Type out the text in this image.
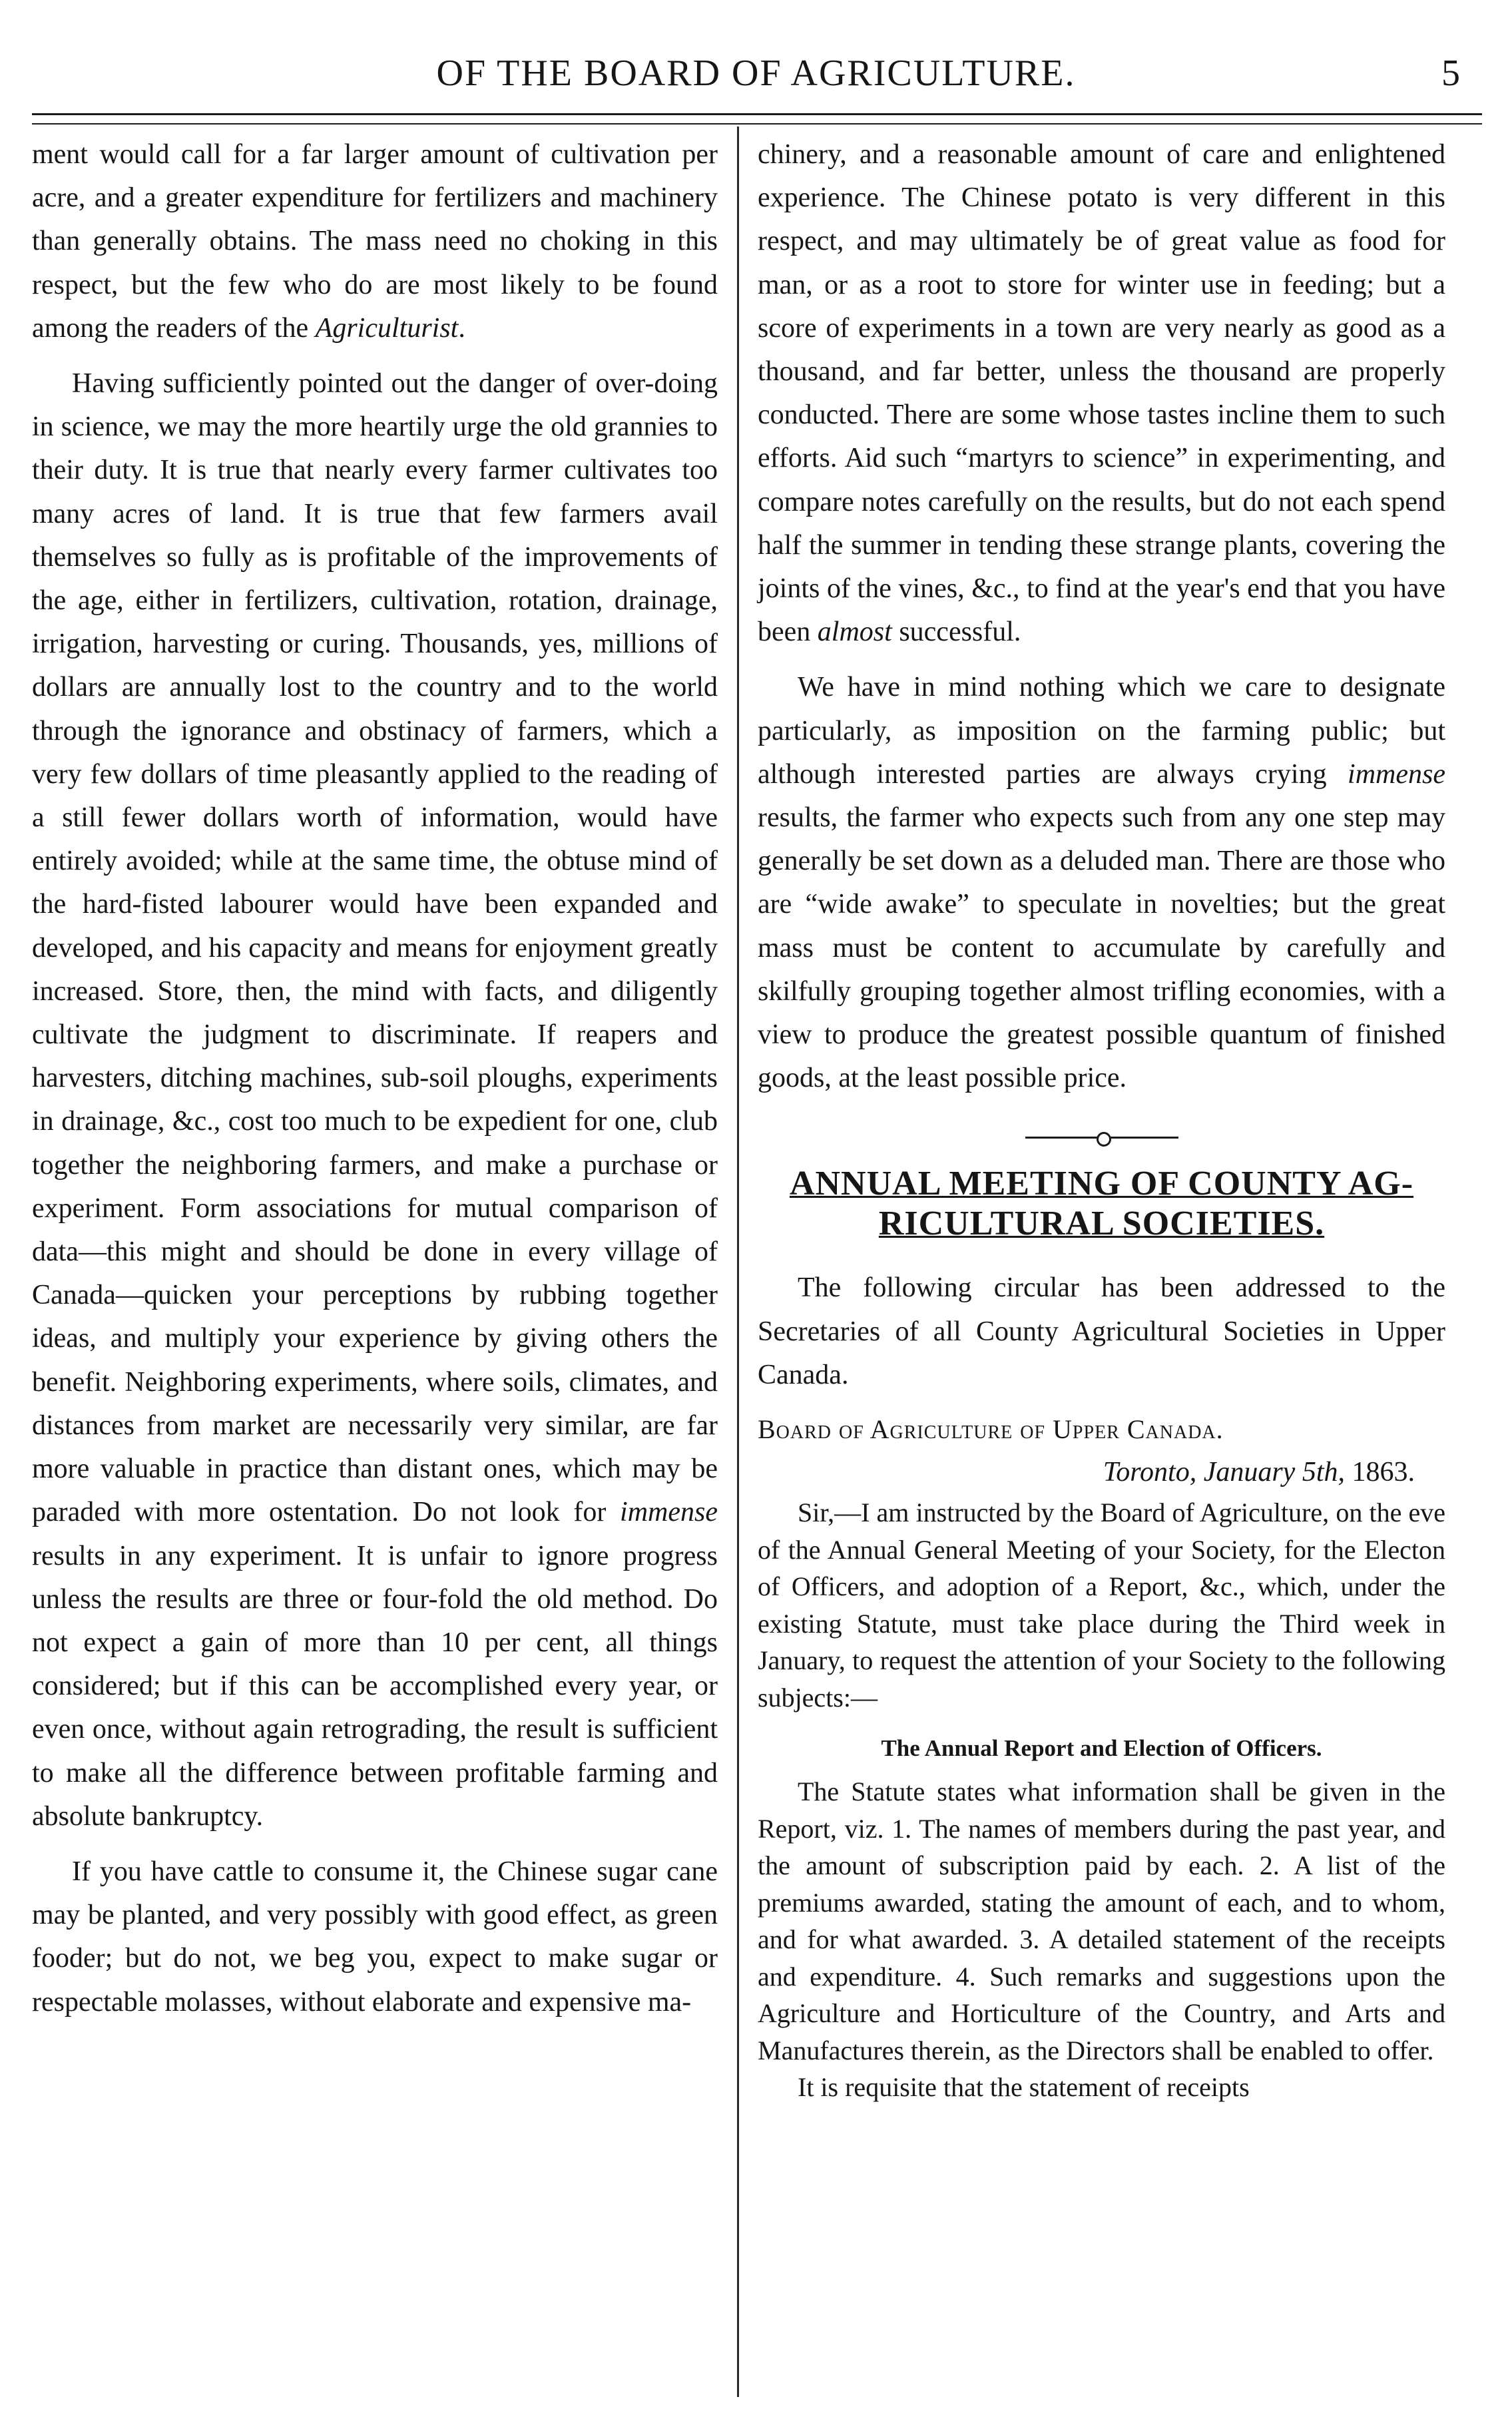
OF THE BOARD OF AGRICULTURE.	5

ment would call for a far larger amount of cultivation per acre, and a greater expenditure for fertilizers and machinery than generally obtains. The mass need no choking in this respect, but the few who do are most likely to be found among the readers of the Agriculturist.

Having sufficiently pointed out the danger of over-doing in science, we may the more heartily urge the old grannies to their duty. It is true that nearly every farmer cultivates too many acres of land. It is true that few farmers avail themselves so fully as is profitable of the improvements of the age, either in fertilizers, cultivation, rotation, drainage, irrigation, harvesting or curing. Thousands, yes, millions of dollars are annually lost to the country and to the world through the ignorance and obstinacy of farmers, which a very few dollars of time pleasantly applied to the reading of a still fewer dollars worth of information, would have entirely avoided; while at the same time, the obtuse mind of the hard-fisted labourer would have been expanded and developed, and his capacity and means for enjoyment greatly increased. Store, then, the mind with facts, and diligently cultivate the judgment to discriminate. If reapers and harvesters, ditching machines, sub-soil ploughs, experiments in drainage, &c., cost too much to be expedient for one, club together the neighboring farmers, and make a purchase or experiment. Form associations for mutual comparison of data—this might and should be done in every village of Canada—quicken your perceptions by rubbing together ideas, and multiply your experience by giving others the benefit. Neighboring experiments, where soils, climates, and distances from market are necessarily very similar, are far more valuable in practice than distant ones, which may be paraded with more ostentation. Do not look for immense results in any experiment. It is unfair to ignore progress unless the results are three or four-fold the old method. Do not expect a gain of more than 10 per cent, all things considered; but if this can be accomplished every year, or even once, without again retrograding, the result is sufficient to make all the difference between profitable farming and absolute bankruptcy.

If you have cattle to consume it, the Chinese sugar cane may be planted, and very possibly with good effect, as green fooder; but do not, we beg you, expect to make sugar or respectable molasses, without elaborate and expensive ma-

chinery, and a reasonable amount of care and enlightened experience. The Chinese potato is very different in this respect, and may ultimately be of great value as food for man, or as a root to store for winter use in feeding; but a score of experiments in a town are very nearly as good as a thousand, and far better, unless the thousand are properly conducted. There are some whose tastes incline them to such efforts. Aid such “martyrs to science” in experimenting, and compare notes carefully on the results, but do not each spend half the summer in tending these strange plants, covering the joints of the vines, &c., to find at the year's end that you have been almost successful.

We have in mind nothing which we care to designate particularly, as imposition on the farming public; but although interested parties are always crying immense results, the farmer who expects such from any one step may generally be set down as a deluded man. There are those who are “wide awake” to speculate in novelties; but the great mass must be content to accumulate by carefully and skilfully grouping together almost trifling economies, with a view to produce the greatest possible quantum of finished goods, at the least possible price.

ANNUAL MEETING OF COUNTY AG-
RICULTURAL SOCIETIES.

The following circular has been addressed to the Secretaries of all County Agricultural Societies in Upper Canada.

Board of Agriculture of Upper Canada.

Toronto, January 5th, 1863.

Sir,—I am instructed by the Board of Agriculture, on the eve of the Annual General Meeting of your Society, for the Electon of Officers, and adoption of a Report, &c., which, under the existing Statute, must take place during the Third week in January, to request the attention of your Society to the following subjects:—

The Annual Report and Election of Officers.

The Statute states what information shall be given in the Report, viz. 1. The names of members during the past year, and the amount of subscription paid by each. 2. A list of the premiums awarded, stating the amount of each, and to whom, and for what awarded. 3. A detailed statement of the receipts and expenditure. 4. Such remarks and suggestions upon the Agriculture and Horticulture of the Country, and Arts and Manufactures therein, as the Directors shall be enabled to offer.

It is requisite that the statement of receipts
